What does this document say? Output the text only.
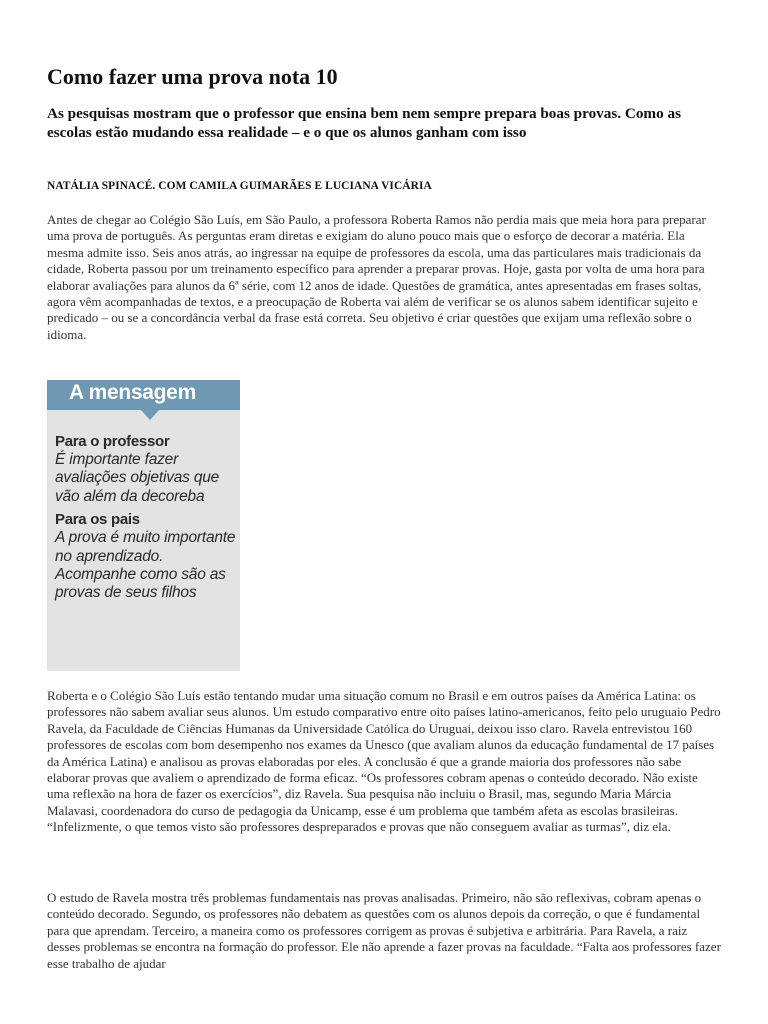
Como fazer uma prova nota 10

As pesquisas mostram que o professor que ensina bem nem sempre prepara boas provas. Como as escolas estão mudando essa realidade – e o que os alunos ganham com isso

NATÁLIA SPINACÉ. COM CAMILA GUIMARÃES E LUCIANA VICÁRIA

Antes de chegar ao Colégio São Luís, em São Paulo, a professora Roberta Ramos não perdia mais que meia hora para preparar uma prova de português. As perguntas eram diretas e exigiam do aluno pouco mais que o esforço de decorar a matéria. Ela mesma admite isso. Seis anos atrás, ao ingressar na equipe de professores da escola, uma das particulares mais tradicionais da cidade, Roberta passou por um treinamento específico para aprender a preparar provas. Hoje, gasta por volta de uma hora para elaborar avaliações para alunos da 6ª série, com 12 anos de idade. Questões de gramática, antes apresentadas em frases soltas, agora vêm acompanhadas de textos, e a preocupação de Roberta vai além de verificar se os alunos sabem identificar sujeito e predicado – ou se a concordância verbal da frase está correta. Seu objetivo é criar questões que exijam uma reflexão sobre o idioma.

A mensagem
Para o professor
É importante fazer avaliações objetivas que vão além da decoreba
Para os pais
A prova é muito importante no aprendizado. Acompanhe como são as provas de seus filhos

Roberta e o Colégio São Luís estão tentando mudar uma situação comum no Brasil e em outros países da América Latina: os professores não sabem avaliar seus alunos. Um estudo comparativo entre oito países latino-americanos, feito pelo uruguaio Pedro Ravela, da Faculdade de Ciências Humanas da Universidade Católica do Uruguai, deixou isso claro. Ravela entrevistou 160 professores de escolas com bom desempenho nos exames da Unesco (que avaliam alunos da educação fundamental de 17 países da América Latina) e analisou as provas elaboradas por eles. A conclusão é que a grande maioria dos professores não sabe elaborar provas que avaliem o aprendizado de forma eficaz. “Os professores cobram apenas o conteúdo decorado. Não existe uma reflexão na hora de fazer os exercícios”, diz Ravela. Sua pesquisa não incluiu o Brasil, mas, segundo Maria Márcia Malavasi, coordenadora do curso de pedagogia da Unicamp, esse é um problema que também afeta as escolas brasileiras. “Infelizmente, o que temos visto são professores despreparados e provas que não conseguem avaliar as turmas”, diz ela.

O estudo de Ravela mostra três problemas fundamentais nas provas analisadas. Primeiro, não são reflexivas, cobram apenas o conteúdo decorado. Segundo, os professores não debatem as questões com os alunos depois da correção, o que é fundamental para que aprendam. Terceiro, a maneira como os professores corrigem as provas é subjetiva e arbitrária. Para Ravela, a raiz desses problemas se encontra na formação do professor. Ele não aprende a fazer provas na faculdade. “Falta aos professores fazer esse trabalho de ajudar
